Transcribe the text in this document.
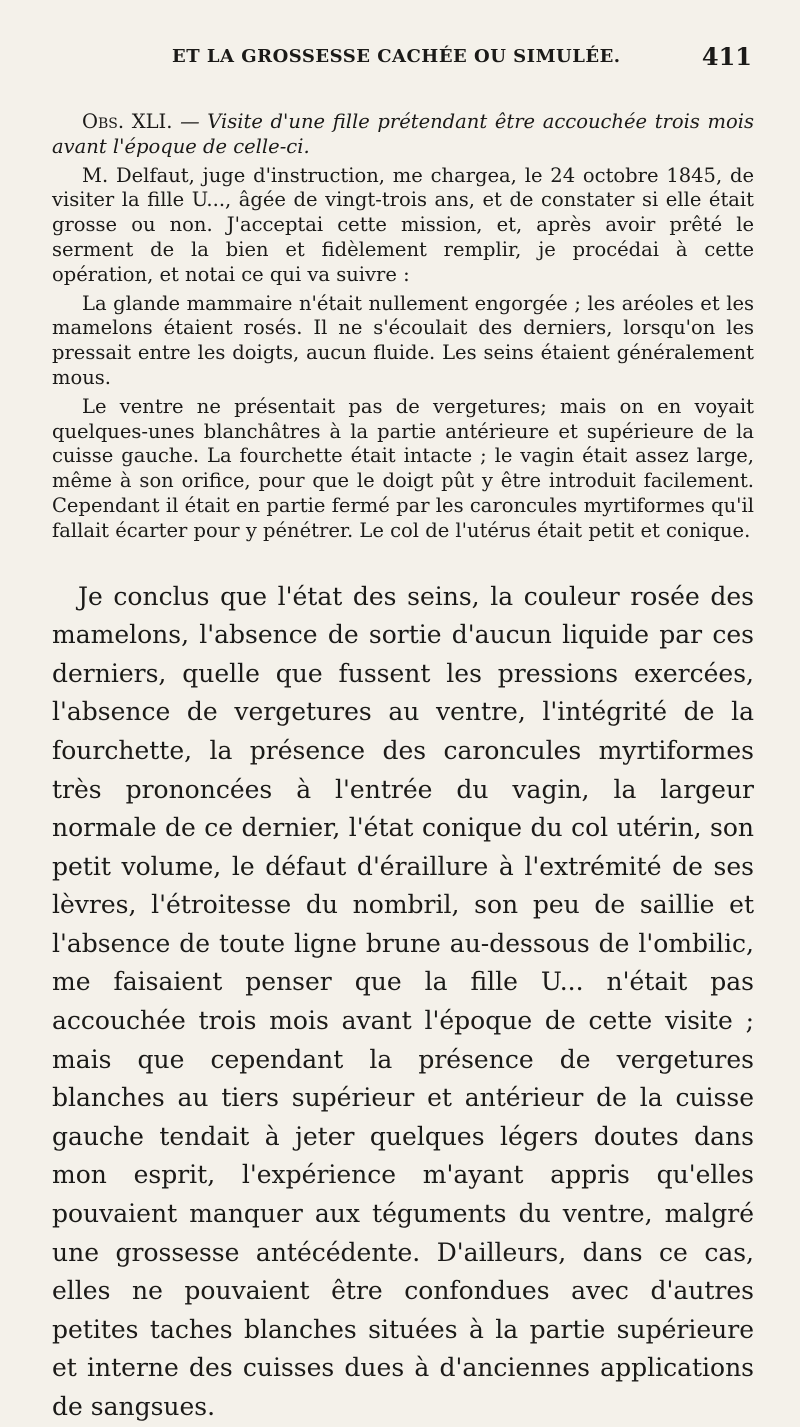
ET LA GROSSESSE CACHÉE OU SIMULÉE.	411

Obs. XLI. — Visite d'une fille prétendant être accouchée trois mois avant l'époque de celle-ci.

M. Delfaut, juge d'instruction, me chargea, le 24 octobre 1845, de visiter la fille U..., âgée de vingt-trois ans, et de constater si elle était grosse ou non. J'acceptai cette mission, et, après avoir prêté le serment de la bien et fidèlement remplir, je procédai à cette opération, et notai ce qui va suivre :

La glande mammaire n'était nullement engorgée ; les aréoles et les mamelons étaient rosés. Il ne s'écoulait des derniers, lorsqu'on les pressait entre les doigts, aucun fluide. Les seins étaient généralement mous.

Le ventre ne présentait pas de vergetures; mais on en voyait quelques-unes blanchâtres à la partie antérieure et supérieure de la cuisse gauche. La fourchette était intacte ; le vagin était assez large, même à son orifice, pour que le doigt pût y être introduit facilement. Cependant il était en partie fermé par les caroncules myrtiformes qu'il fallait écarter pour y pénétrer. Le col de l'utérus était petit et conique.

Je conclus que l'état des seins, la couleur rosée des mamelons, l'absence de sortie d'aucun liquide par ces derniers, quelle que fussent les pressions exercées, l'absence de vergetures au ventre, l'intégrité de la fourchette, la présence des caroncules myrtiformes très prononcées à l'entrée du vagin, la largeur normale de ce dernier, l'état conique du col utérin, son petit volume, le défaut d'éraillure à l'extrémité de ses lèvres, l'étroitesse du nombril, son peu de saillie et l'absence de toute ligne brune au-dessous de l'ombilic, me faisaient penser que la fille U... n'était pas accouchée trois mois avant l'époque de cette visite ; mais que cependant la présence de vergetures blanches au tiers supérieur et antérieur de la cuisse gauche tendait à jeter quelques légers doutes dans mon esprit, l'expérience m'ayant appris qu'elles pouvaient manquer aux téguments du ventre, malgré une grossesse antécédente. D'ailleurs, dans ce cas, elles ne pouvaient être confondues avec d'autres petites taches blanches situées à la partie supérieure et interne des cuisses dues à d'anciennes applications de sangsues.
